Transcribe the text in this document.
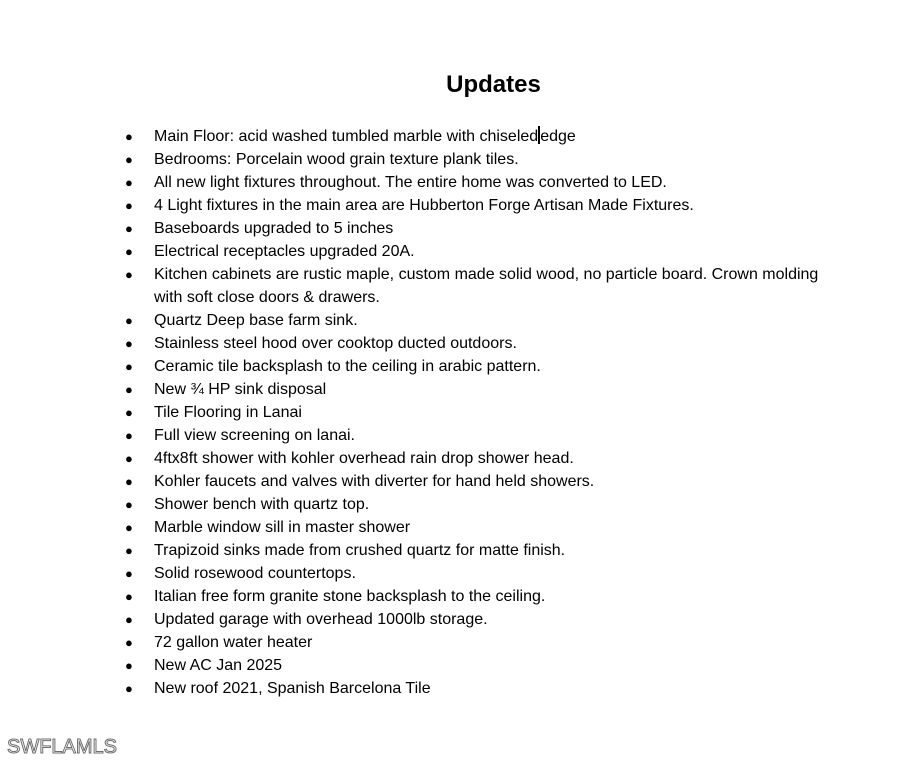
Updates
●	Main Floor: acid washed tumbled marble with chiseled edge
●	Bedrooms: Porcelain wood grain texture plank tiles.
●	All new light fixtures throughout. The entire home was converted to LED.
●	4 Light fixtures in the main area are Hubberton Forge Artisan Made Fixtures.
●	Baseboards upgraded to 5 inches
●	Electrical receptacles upgraded 20A.
●	Kitchen cabinets are rustic maple, custom made solid wood, no particle board. Crown molding with soft close doors & drawers.
●	Quartz Deep base farm sink.
●	Stainless steel hood over cooktop ducted outdoors.
●	Ceramic tile backsplash to the ceiling in arabic pattern.
●	New ¾ HP sink disposal
●	Tile Flooring in Lanai
●	Full view screening on lanai.
●	4ftx8ft shower with kohler overhead rain drop shower head.
●	Kohler faucets and valves with diverter for hand held showers.
●	Shower bench with quartz top.
●	Marble window sill in master shower
●	Trapizoid sinks made from crushed quartz for matte finish.
●	Solid rosewood countertops.
●	Italian free form granite stone backsplash to the ceiling.
●	Updated garage with overhead 1000lb storage.
●	72 gallon water heater
●	New AC Jan 2025
●	New roof 2021, Spanish Barcelona Tile
SWFLAMLS
